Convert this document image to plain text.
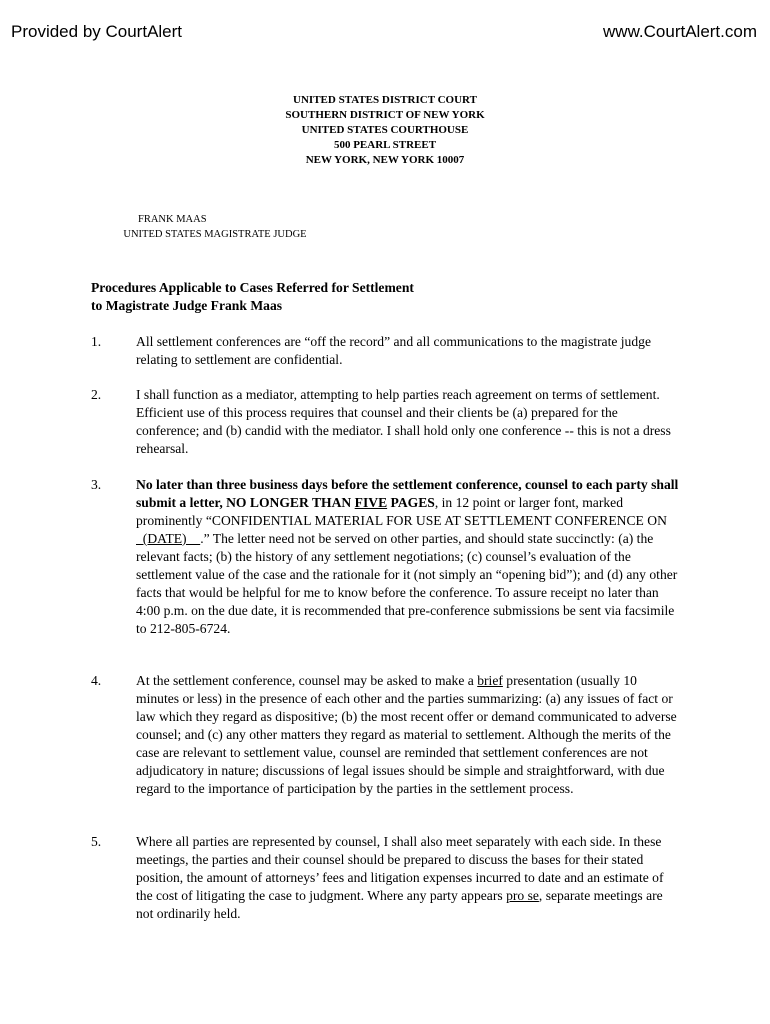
Provided by CourtAlert	www.CourtAlert.com
UNITED STATES DISTRICT COURT
SOUTHERN DISTRICT OF NEW YORK
UNITED STATES COURTHOUSE
500 PEARL STREET
NEW YORK, NEW YORK 10007
FRANK MAAS
UNITED STATES MAGISTRATE JUDGE
Procedures Applicable to Cases Referred for Settlement
to Magistrate Judge Frank Maas
1.	All settlement conferences are “off the record” and all communications to the magistrate judge relating to settlement are confidential.
2.	I shall function as a mediator, attempting to help parties reach agreement on terms of settlement. Efficient use of this process requires that counsel and their clients be (a) prepared for the conference; and (b) candid with the mediator. I shall hold only one conference -- this is not a dress rehearsal.
3.	No later than three business days before the settlement conference, counsel to each party shall submit a letter, NO LONGER THAN FIVE PAGES, in 12 point or larger font, marked prominently “CONFIDENTIAL MATERIAL FOR USE AT SETTLEMENT CONFERENCE ON   (DATE)    .” The letter need not be served on other parties, and should state succinctly: (a) the relevant facts; (b) the history of any settlement negotiations; (c) counsel’s evaluation of the settlement value of the case and the rationale for it (not simply an “opening bid”); and (d) any other facts that would be helpful for me to know before the conference. To assure receipt no later than 4:00 p.m. on the due date, it is recommended that pre-conference submissions be sent via facsimile to 212-805-6724.
4.	At the settlement conference, counsel may be asked to make a brief presentation (usually 10 minutes or less) in the presence of each other and the parties summarizing: (a) any issues of fact or law which they regard as dispositive; (b) the most recent offer or demand communicated to adverse counsel; and (c) any other matters they regard as material to settlement. Although the merits of the case are relevant to settlement value, counsel are reminded that settlement conferences are not adjudicatory in nature; discussions of legal issues should be simple and straightforward, with due regard to the importance of participation by the parties in the settlement process.
5.	Where all parties are represented by counsel, I shall also meet separately with each side. In these meetings, the parties and their counsel should be prepared to discuss the bases for their stated position, the amount of attorneys’ fees and litigation expenses incurred to date and an estimate of the cost of litigating the case to judgment. Where any party appears pro se, separate meetings are not ordinarily held.
